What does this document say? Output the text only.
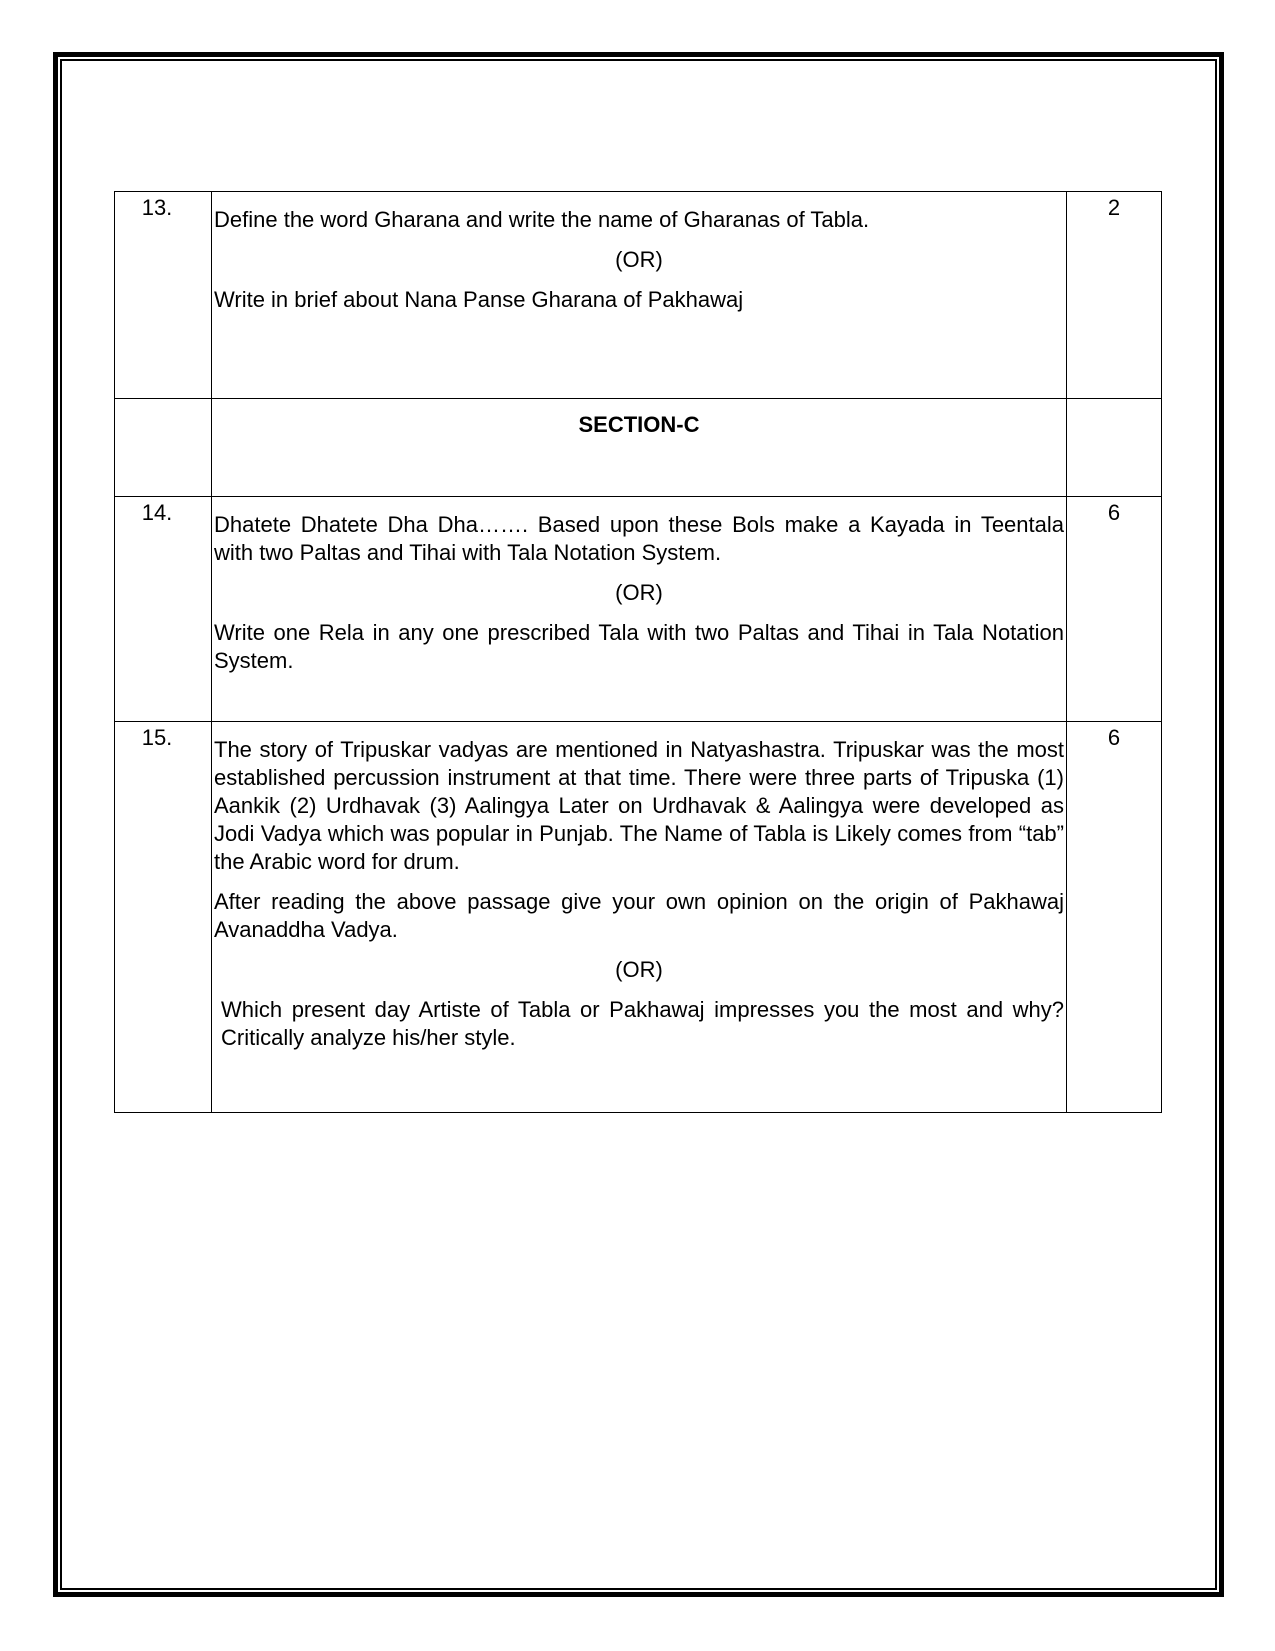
13.	Define the word Gharana and write the name of Gharanas of Tabla.

(OR)

Write in brief about Nana Panse Gharana of Pakhawaj	2
	SECTION-C	
14.	Dhatete Dhatete Dha Dha……. Based upon these Bols make a Kayada in Teentala with two Paltas and Tihai with Tala Notation System.

(OR)

Write one Rela in any one prescribed Tala with two Paltas and Tihai in Tala Notation System.	6
15.	The story of Tripuskar vadyas are mentioned in Natyashastra. Tripuskar was the most established percussion instrument at that time. There were three parts of Tripuska (1) Aankik (2) Urdhavak (3) Aalingya Later on Urdhavak & Aalingya were developed as Jodi Vadya which was popular in Punjab. The Name of Tabla is Likely comes from “tab” the Arabic word for drum.

After reading the above passage give your own opinion on the origin of Pakhawaj Avanaddha Vadya.

(OR)

Which present day Artiste of Tabla or Pakhawaj impresses you the most and why? Critically analyze his/her style.	6
